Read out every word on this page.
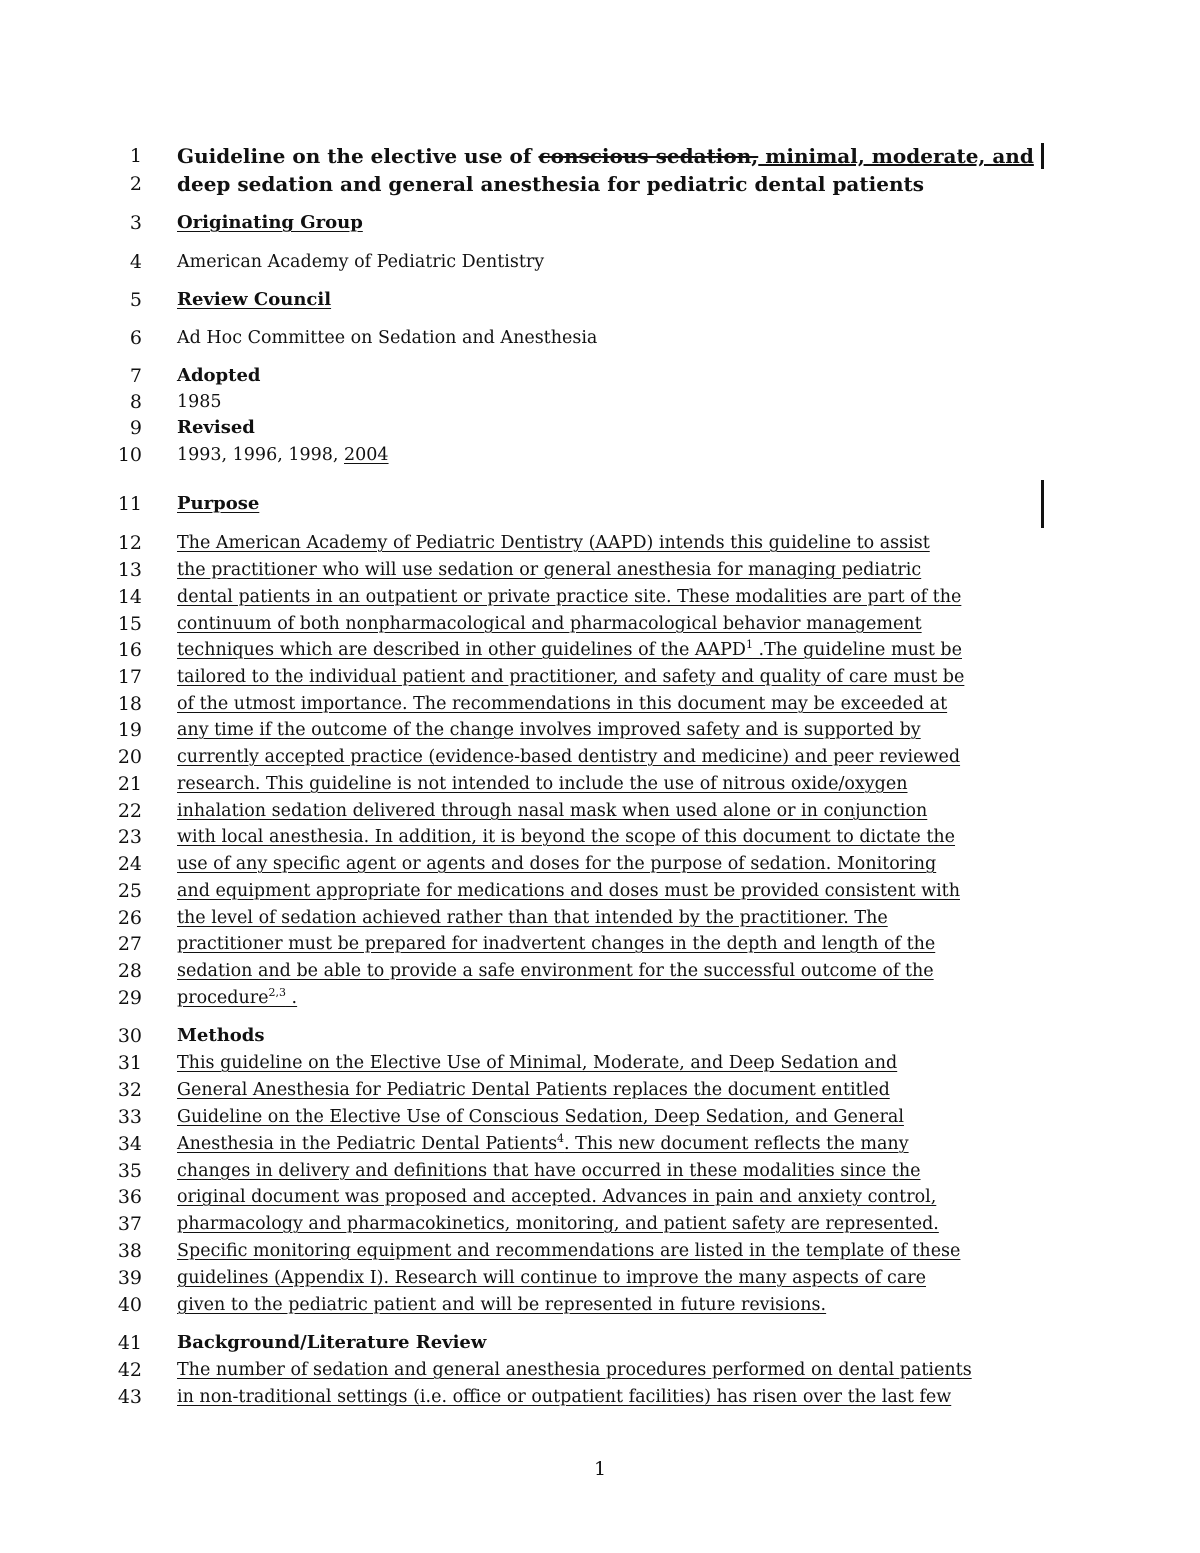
1 Guideline on the elective use of conscious sedation, minimal, moderate, and
2 deep sedation and general anesthesia for pediatric dental patients
3 Originating Group
4 American Academy of Pediatric Dentistry
5 Review Council
6 Ad Hoc Committee on Sedation and Anesthesia
7 Adopted
8 1985
9 Revised
10 1993, 1996, 1998, 2004
11 Purpose
12 The American Academy of Pediatric Dentistry (AAPD) intends this guideline to assist
13 the practitioner who will use sedation or general anesthesia for managing pediatric
14 dental patients in an outpatient or private practice site. These modalities are part of the
15 continuum of both nonpharmacological and pharmacological behavior management
16 techniques which are described in other guidelines of the AAPD$^1$ .The guideline must be
17 tailored to the individual patient and practitioner, and safety and quality of care must be
18 of the utmost importance. The recommendations in this document may be exceeded at
19 any time if the outcome of the change involves improved safety and is supported by
20 currently accepted practice (evidence-based dentistry and medicine) and peer reviewed
21 research. This guideline is not intended to include the use of nitrous oxide/oxygen
22 inhalation sedation delivered through nasal mask when used alone or in conjunction
23 with local anesthesia. In addition, it is beyond the scope of this document to dictate the
24 use of any specific agent or agents and doses for the purpose of sedation. Monitoring
25 and equipment appropriate for medications and doses must be provided consistent with
26 the level of sedation achieved rather than that intended by the practitioner. The
27 practitioner must be prepared for inadvertent changes in the depth and length of the
28 sedation and be able to provide a safe environment for the successful outcome of the
29 procedure$^{2,3}$ .
30 Methods
31 This guideline on the Elective Use of Minimal, Moderate, and Deep Sedation and
32 General Anesthesia for Pediatric Dental Patients replaces the document entitled
33 Guideline on the Elective Use of Conscious Sedation, Deep Sedation, and General
34 Anesthesia in the Pediatric Dental Patients$^4$. This new document reflects the many
35 changes in delivery and definitions that have occurred in these modalities since the
36 original document was proposed and accepted. Advances in pain and anxiety control,
37 pharmacology and pharmacokinetics, monitoring, and patient safety are represented.
38 Specific monitoring equipment and recommendations are listed in the template of these
39 guidelines (Appendix I). Research will continue to improve the many aspects of care
40 given to the pediatric patient and will be represented in future revisions.
41 Background/Literature Review
42 The number of sedation and general anesthesia procedures performed on dental patients
43 in non-traditional settings (i.e. office or outpatient facilities) has risen over the last few
1
